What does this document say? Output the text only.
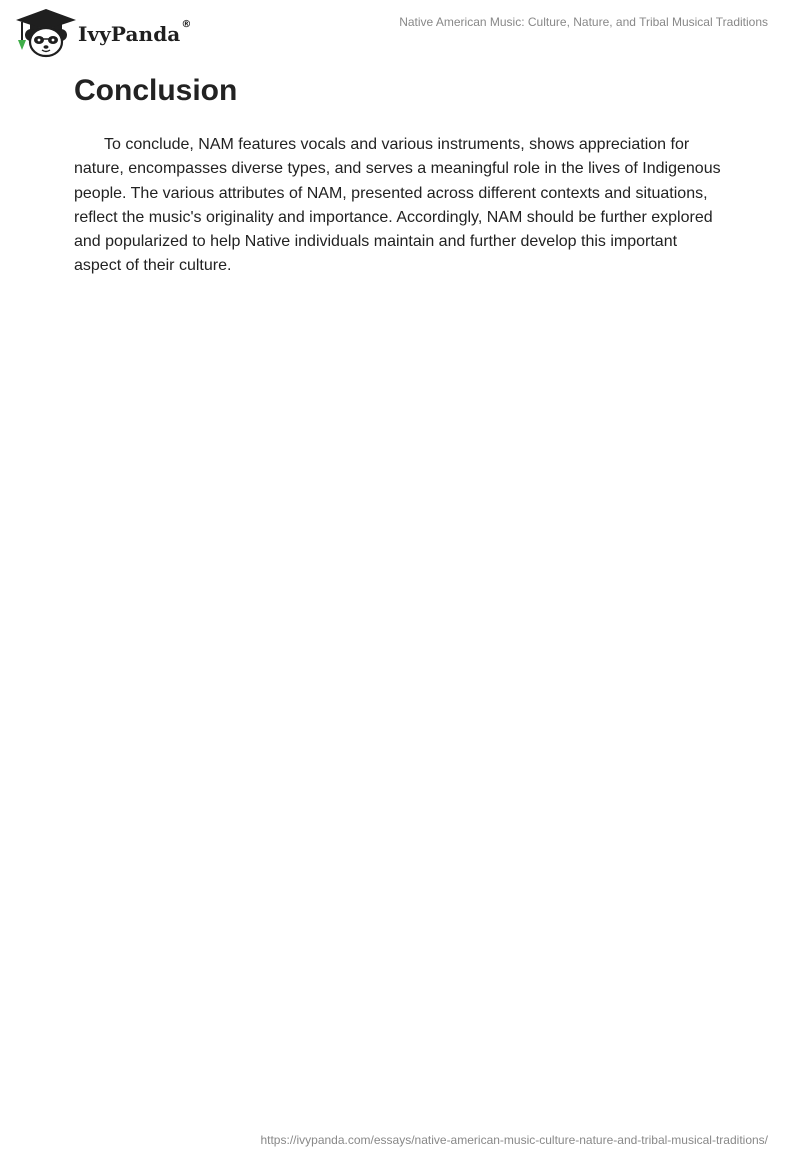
IvyPanda ®	Native American Music: Culture, Nature, and Tribal Musical Traditions
Conclusion

To conclude, NAM features vocals and various instruments, shows appreciation for nature, encompasses diverse types, and serves a meaningful role in the lives of Indigenous people. The various attributes of NAM, presented across different contexts and situations, reflect the music's originality and importance. Accordingly, NAM should be further explored and popularized to help Native individuals maintain and further develop this important aspect of their culture.

https://ivypanda.com/essays/native-american-music-culture-nature-and-tribal-musical-traditions/
